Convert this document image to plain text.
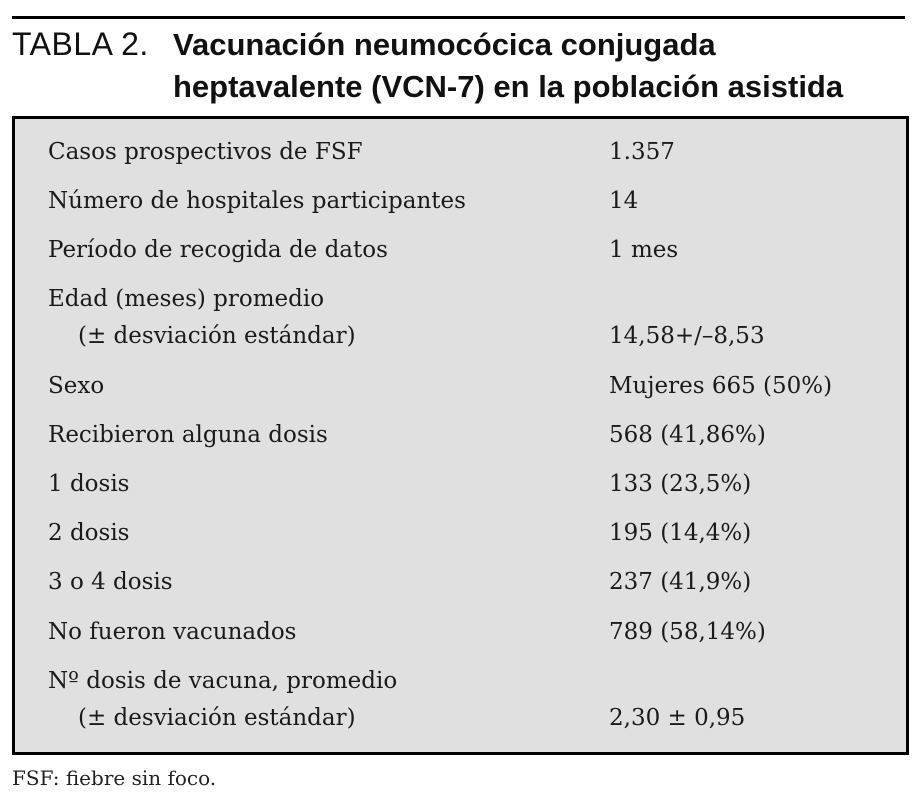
TABLA 2. Vacunación neumocócica conjugada heptavalente (VCN-7) en la población asistida
Casos prospectivos de FSF	1.357
Número de hospitales participantes	14
Período de recogida de datos	1 mes
Edad (meses) promedio
(± desviación estándar)	14,58+/–8,53
Sexo	Mujeres 665 (50%)
Recibieron alguna dosis	568 (41,86%)
1 dosis	133 (23,5%)
2 dosis	195 (14,4%)
3 o 4 dosis	237 (41,9%)
No fueron vacunados	789 (58,14%)
Nº dosis de vacuna, promedio
(± desviación estándar)	2,30 ± 0,95
FSF: fiebre sin foco.
